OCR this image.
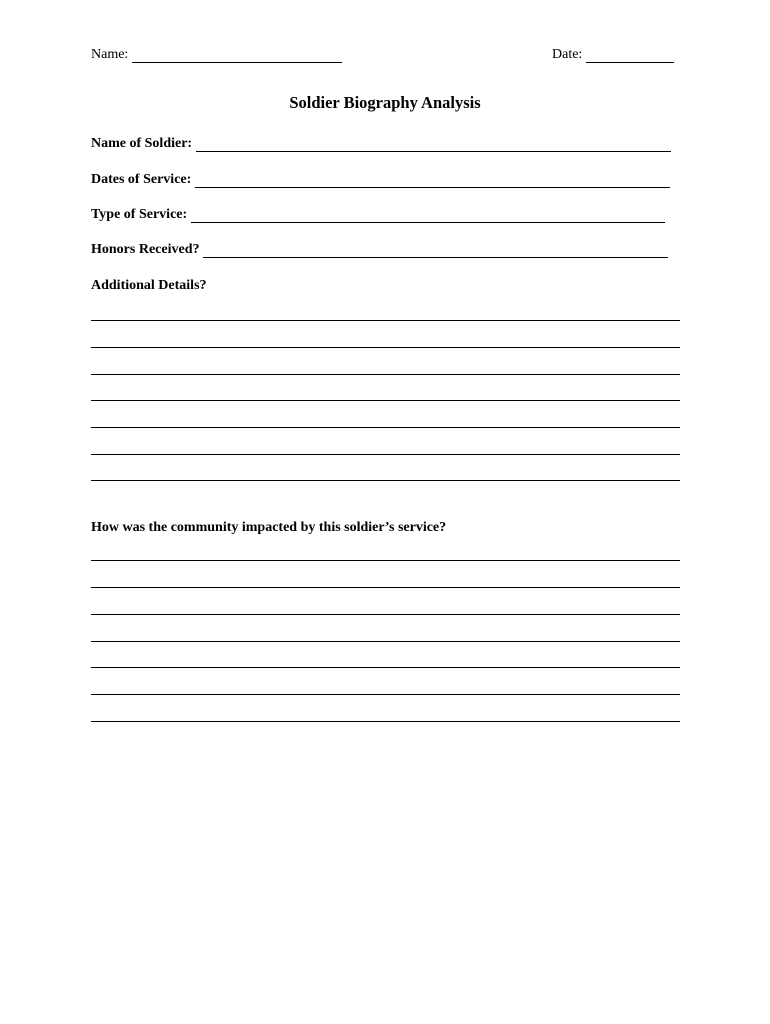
Name:	Date:
Soldier Biography Analysis
Name of Soldier:
Dates of Service:
Type of Service:
Honors Received?
Additional Details?
How was the community impacted by this soldier’s service?
